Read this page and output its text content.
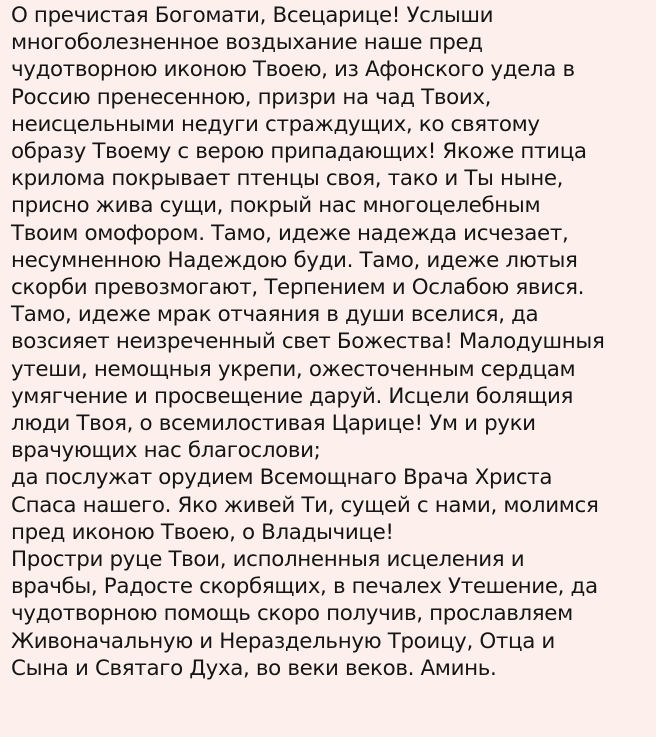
О пречистая Богомати, Всецарице! Услыши
многоболезненное воздыхание наше пред
чудотворною иконою Твоею, из Афонского удела в
Россию пренесенною, призри на чад Твоих,
неисцельными недуги страждущих, ко святому
образу Твоему с верою припадающих! Якоже птица
крилома покрывает птенцы своя, тако и Ты ныне,
присно жива сущи, покрый нас многоцелебным
Твоим омофором. Тамо, идеже надежда исчезает,
несумненною Надеждою буди. Тамо, идеже лютыя
скорби превозмогают, Терпением и Ослабою явися.
Тамо, идеже мрак отчаяния в души вселися, да
возсияет неизреченный свет Божества! Малодушныя
утеши, немощныя укрепи, ожесточенным сердцам
умягчение и просвещение даруй. Исцели болящия
люди Твоя, о всемилостивая Царице! Ум и руки
врачующих нас благослови;
да послужат орудием Всемощнаго Врача Христа
Спаса нашего. Яко живей Ти, сущей с нами, молимся
пред иконою Твоею, о Владычице!
Простри руце Твои, исполненныя исцеления и
врачбы, Радосте скорбящих, в печалех Утешение, да
чудотворною помощь скоро получив, прославляем
Живоначальную и Нераздельную Троицу, Отца и
Сына и Святаго Духа, во веки веков. Аминь.
